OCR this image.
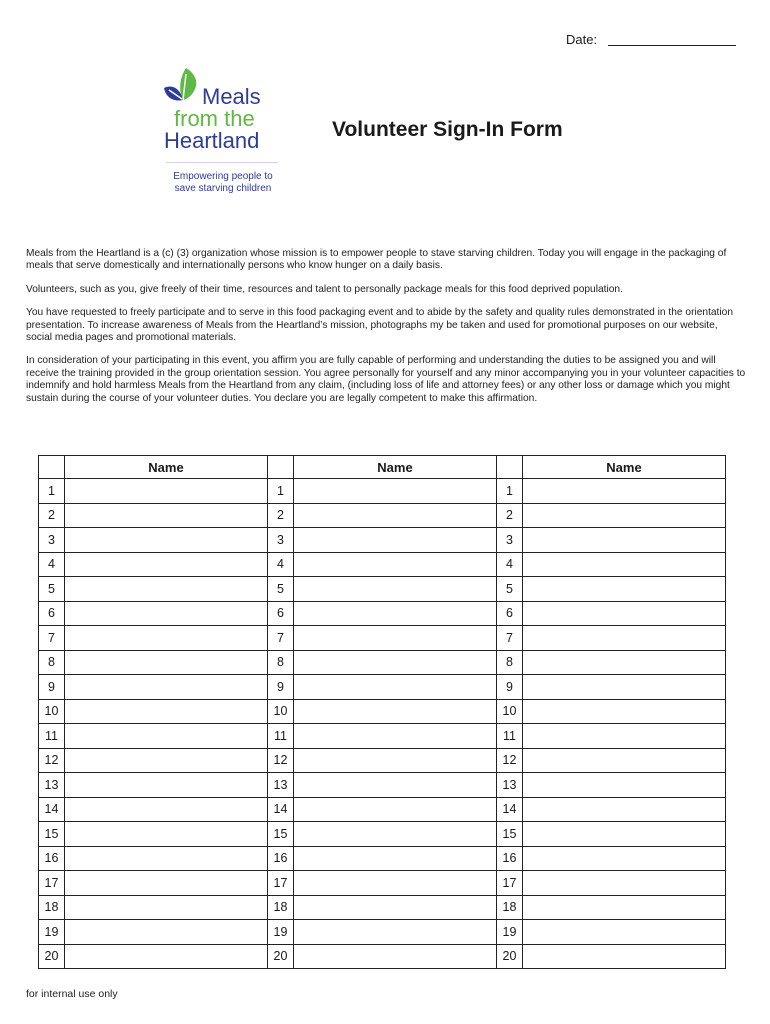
Date:
Meals
from the
Heartland
Empowering people to
save starving children
Volunteer Sign-In Form

Meals from the Heartland is a (c) (3) organization whose mission is to empower people to stave starving children. Today you will engage in the packaging of meals that serve domestically and internationally persons who know hunger on a daily basis.

Volunteers, such as you, give freely of their time, resources and talent to personally package meals for this food deprived population.

You have requested to freely participate and to serve in this food packaging event and to abide by the safety and quality rules demonstrated in the orientation presentation. To increase awareness of Meals from the Heartland’s mission, photographs my be taken and used for promotional purposes on our website, social media pages and promotional materials.

In consideration of your participating in this event, you affirm you are fully capable of performing and understanding the duties to be assigned you and will receive the training provided in the group orientation session. You agree personally for yourself and any minor accompanying you in your volunteer capacities to indemnify and hold harmless Meals from the Heartland from any claim, (including loss of life and attorney fees) or any other loss or damage which you might sustain during the course of your volunteer duties. You declare you are legally competent to make this affirmation.

	Name		Name		Name
1		1		1	
2		2		2	
3		3		3	
4		4		4	
5		5		5	
6		6		6	
7		7		7	
8		8		8	
9		9		9	
10		10		10	
11		11		11	
12		12		12	
13		13		13	
14		14		14	
15		15		15	
16		16		16	
17		17		17	
18		18		18	
19		19		19	
20		20		20	
for internal use only
